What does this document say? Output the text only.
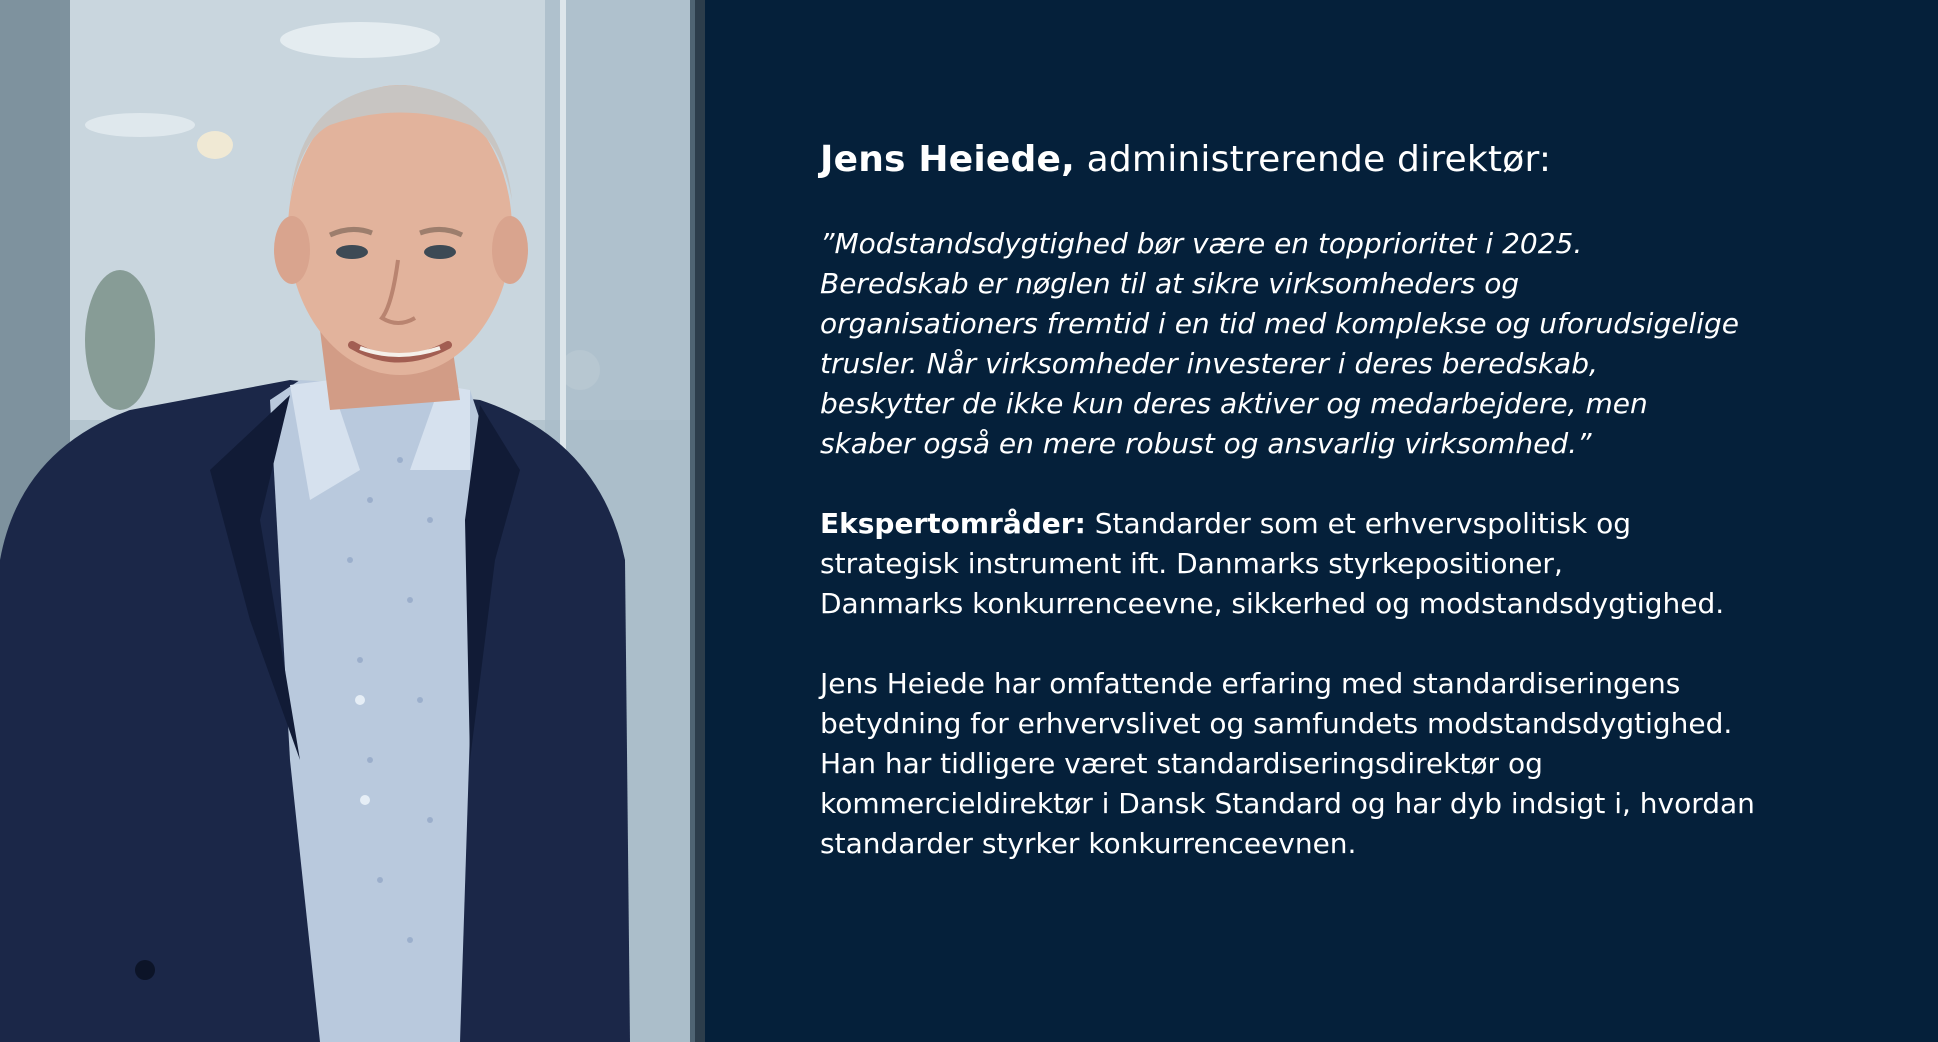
Jens Heiede, administrerende direktør:
”Modstandsdygtighed bør være en topprioritet i 2025.
Beredskab er nøglen til at sikre virksomheders og
organisationers fremtid i en tid med komplekse og uforudsigelige
trusler. Når virksomheder investerer i deres beredskab,
beskytter de ikke kun deres aktiver og medarbejdere, men
skaber også en mere robust og ansvarlig virksomhed.”
Ekspertområder: Standarder som et erhvervspolitisk og
strategisk instrument ift. Danmarks styrkepositioner,
Danmarks konkurrenceevne, sikkerhed og modstandsdygtighed.
Jens Heiede har omfattende erfaring med standardiseringens
betydning for erhvervslivet og samfundets modstandsdygtighed.
Han har tidligere været standardiseringsdirektør og
kommercieldirektør i Dansk Standard og har dyb indsigt i, hvordan
standarder styrker konkurrenceevnen.
